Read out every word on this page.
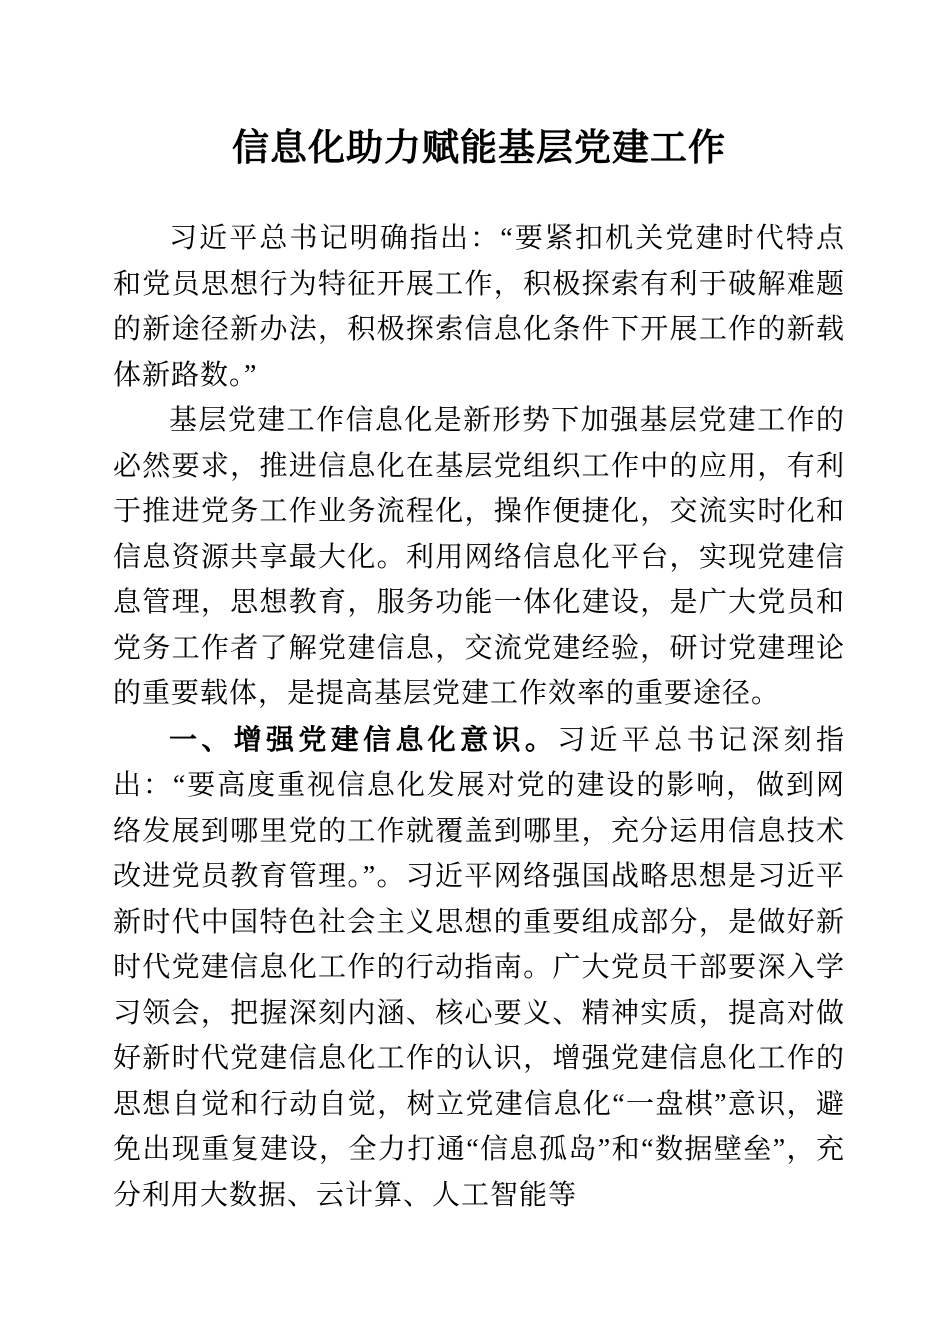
信息化助力赋能基层党建工作

习近平总书记明确指出：“要紧扣机关党建时代特点和党员思想行为特征开展工作，积极探索有利于破解难题的新途径新办法，积极探索信息化条件下开展工作的新载体新路数。”

基层党建工作信息化是新形势下加强基层党建工作的必然要求，推进信息化在基层党组织工作中的应用，有利于推进党务工作业务流程化，操作便捷化，交流实时化和信息资源共享最大化。利用网络信息化平台，实现党建信息管理，思想教育，服务功能一体化建设，是广大党员和党务工作者了解党建信息，交流党建经验，研讨党建理论的重要载体，是提高基层党建工作效率的重要途径。

一、增强党建信息化意识。习近平总书记深刻指出：“要高度重视信息化发展对党的建设的影响，做到网络发展到哪里党的工作就覆盖到哪里，充分运用信息技术改进党员教育管理。”。习近平网络强国战略思想是习近平新时代中国特色社会主义思想的重要组成部分，是做好新时代党建信息化工作的行动指南。广大党员干部要深入学习领会，把握深刻内涵、核心要义、精神实质，提高对做好新时代党建信息化工作的认识，增强党建信息化工作的思想自觉和行动自觉，树立党建信息化“一盘棋”意识，避免出现重复建设，全力打通“信息孤岛”和“数据壁垒”，充分利用大数据、云计算、人工智能等
